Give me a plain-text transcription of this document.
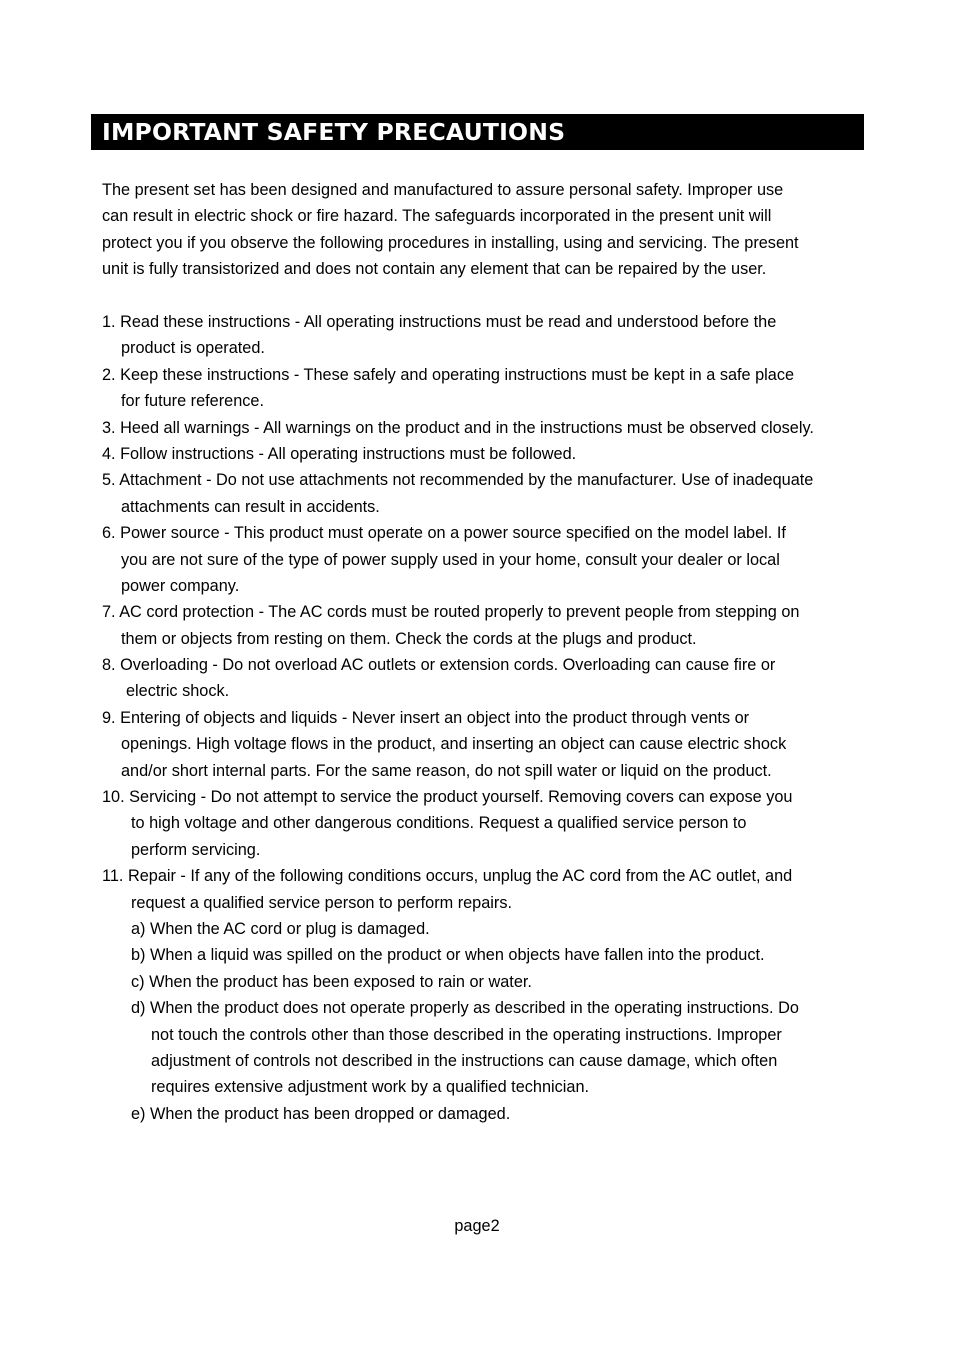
IMPORTANT SAFETY PRECAUTIONS
The present set has been designed and manufactured to assure personal safety. Improper use
can result in electric shock or fire hazard. The safeguards incorporated in the present unit will
protect you if you observe the following procedures in installing, using and servicing. The present
unit is fully transistorized and does not contain any element that can be repaired by the user.
1. Read these instructions - All operating instructions must be read and understood before the
product is operated.
2. Keep these instructions - These safely and operating instructions must be kept in a safe place
for future reference.
3. Heed all warnings - All warnings on the product and in the instructions must be observed closely.
4. Follow instructions - All operating instructions must be followed.
5. Attachment - Do not use attachments not recommended by the manufacturer. Use of inadequate
attachments can result in accidents.
6. Power source - This product must operate on a power source specified on the model label. If
you are not sure of the type of power supply used in your home, consult your dealer or local
power company.
7. AC cord protection - The AC cords must be routed properly to prevent people from stepping on
them or objects from resting on them. Check the cords at the plugs and product.
8. Overloading - Do not overload AC outlets or extension cords. Overloading can cause fire or
electric shock.
9. Entering of objects and liquids - Never insert an object into the product through vents or
openings. High voltage flows in the product, and inserting an object can cause electric shock
and/or short internal parts. For the same reason, do not spill water or liquid on the product.
10. Servicing - Do not attempt to service the product yourself. Removing covers can expose you
to high voltage and other dangerous conditions. Request a qualified service person to
perform servicing.
11. Repair - If any of the following conditions occurs, unplug the AC cord from the AC outlet, and
request a qualified service person to perform repairs.
a) When the AC cord or plug is damaged.
b) When a liquid was spilled on the product or when objects have fallen into the product.
c) When the product has been exposed to rain or water.
d) When the product does not operate properly as described in the operating instructions. Do
not touch the controls other than those described in the operating instructions. Improper
adjustment of controls not described in the instructions can cause damage, which often
requires extensive adjustment work by a qualified technician.
e) When the product has been dropped or damaged.
page2
